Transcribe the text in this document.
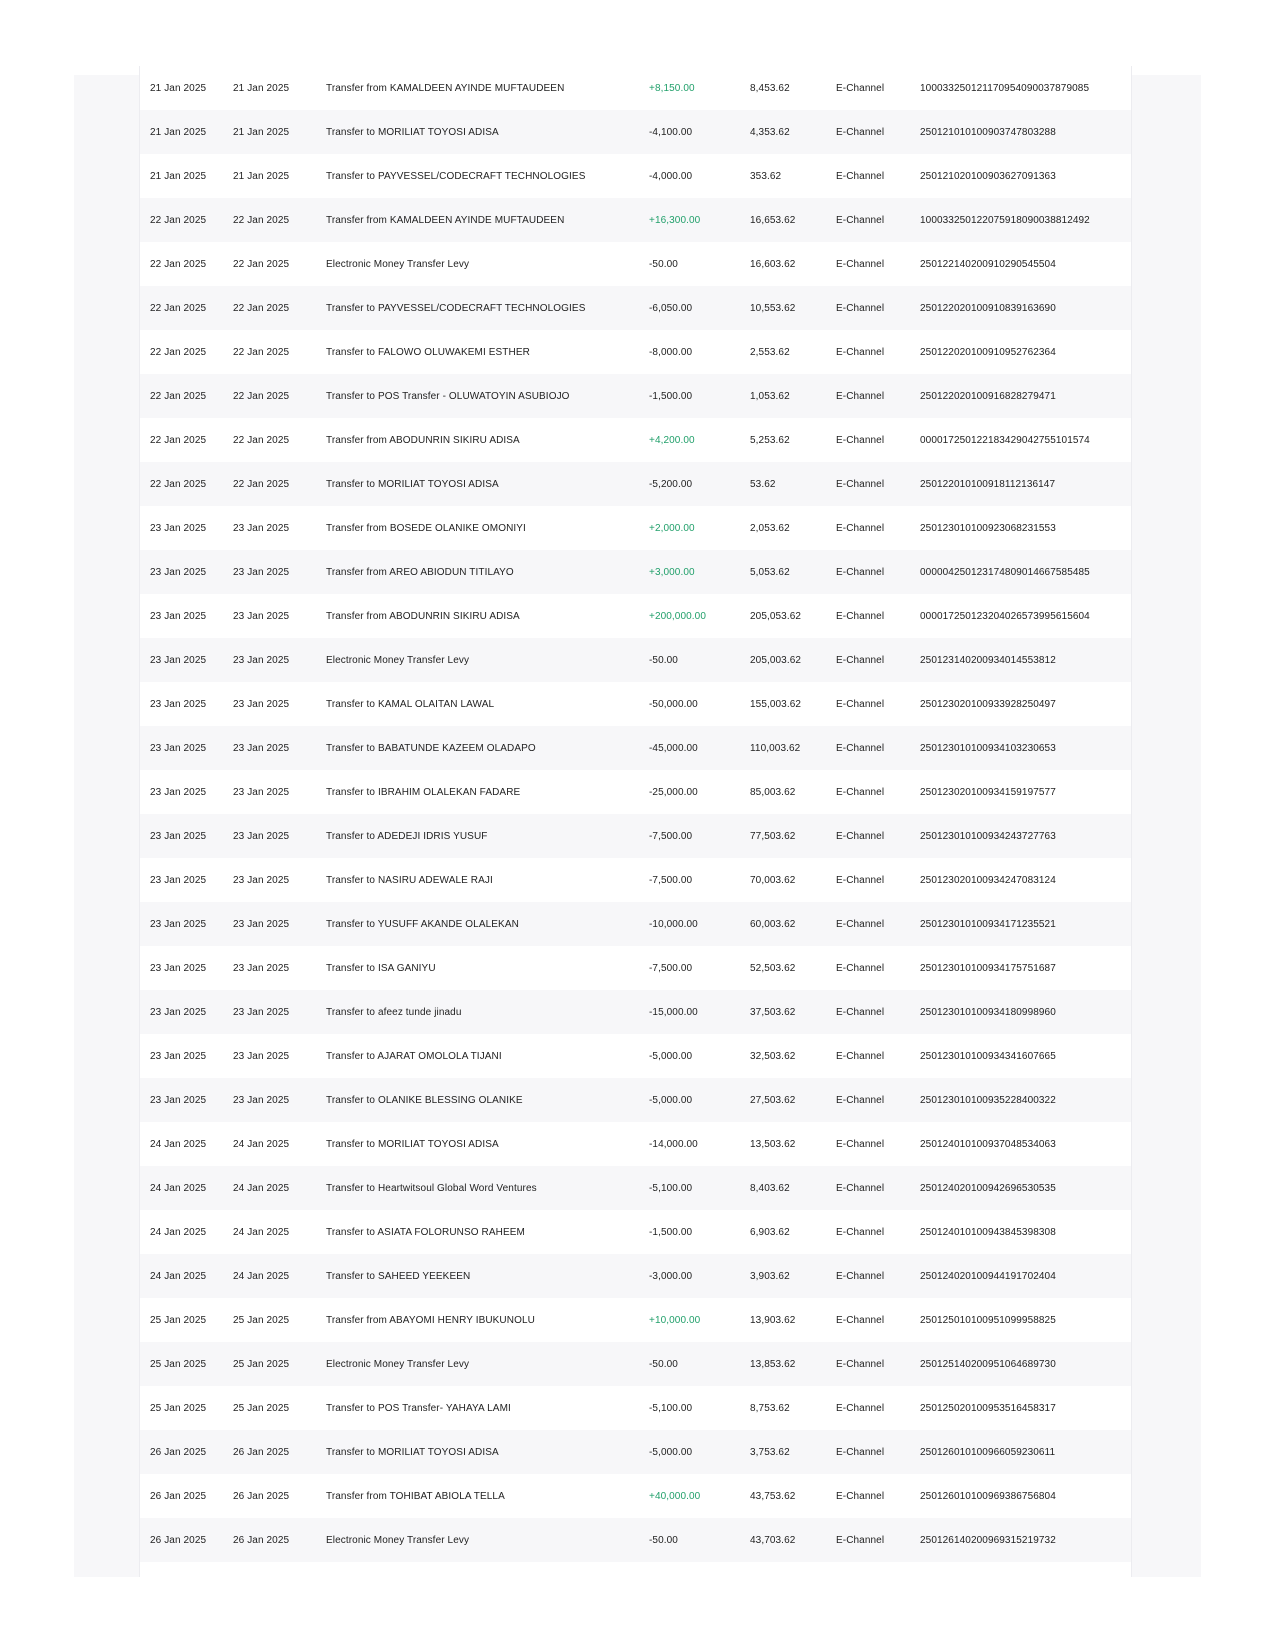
21 Jan 2025	21 Jan 2025	Transfer from KAMALDEEN AYINDE MUFTAUDEEN	+8,150.00	8,453.62	E-Channel	100033250121170954090037879085
21 Jan 2025	21 Jan 2025	Transfer to MORILIAT TOYOSI ADISA	-4,100.00	4,353.62	E-Channel	250121010100903747803288
21 Jan 2025	21 Jan 2025	Transfer to PAYVESSEL/CODECRAFT TECHNOLOGIES	-4,000.00	353.62	E-Channel	250121020100903627091363
22 Jan 2025	22 Jan 2025	Transfer from KAMALDEEN AYINDE MUFTAUDEEN	+16,300.00	16,653.62	E-Channel	100033250122075918090038812492
22 Jan 2025	22 Jan 2025	Electronic Money Transfer Levy	-50.00	16,603.62	E-Channel	250122140200910290545504
22 Jan 2025	22 Jan 2025	Transfer to PAYVESSEL/CODECRAFT TECHNOLOGIES	-6,050.00	10,553.62	E-Channel	250122020100910839163690
22 Jan 2025	22 Jan 2025	Transfer to FALOWO OLUWAKEMI ESTHER	-8,000.00	2,553.62	E-Channel	250122020100910952762364
22 Jan 2025	22 Jan 2025	Transfer to POS Transfer - OLUWATOYIN ASUBIOJO	-1,500.00	1,053.62	E-Channel	250122020100916828279471
22 Jan 2025	22 Jan 2025	Transfer from ABODUNRIN SIKIRU ADISA	+4,200.00	5,253.62	E-Channel	000017250122183429042755101574
22 Jan 2025	22 Jan 2025	Transfer to MORILIAT TOYOSI ADISA	-5,200.00	53.62	E-Channel	250122010100918112136147
23 Jan 2025	23 Jan 2025	Transfer from BOSEDE OLANIKE OMONIYI	+2,000.00	2,053.62	E-Channel	250123010100923068231553
23 Jan 2025	23 Jan 2025	Transfer from AREO ABIODUN TITILAYO	+3,000.00	5,053.62	E-Channel	000004250123174809014667585485
23 Jan 2025	23 Jan 2025	Transfer from ABODUNRIN SIKIRU ADISA	+200,000.00	205,053.62	E-Channel	000017250123204026573995615604
23 Jan 2025	23 Jan 2025	Electronic Money Transfer Levy	-50.00	205,003.62	E-Channel	250123140200934014553812
23 Jan 2025	23 Jan 2025	Transfer to KAMAL OLAITAN LAWAL	-50,000.00	155,003.62	E-Channel	250123020100933928250497
23 Jan 2025	23 Jan 2025	Transfer to BABATUNDE KAZEEM OLADAPO	-45,000.00	110,003.62	E-Channel	250123010100934103230653
23 Jan 2025	23 Jan 2025	Transfer to IBRAHIM OLALEKAN FADARE	-25,000.00	85,003.62	E-Channel	250123020100934159197577
23 Jan 2025	23 Jan 2025	Transfer to ADEDEJI IDRIS YUSUF	-7,500.00	77,503.62	E-Channel	250123010100934243727763
23 Jan 2025	23 Jan 2025	Transfer to NASIRU ADEWALE RAJI	-7,500.00	70,003.62	E-Channel	250123020100934247083124
23 Jan 2025	23 Jan 2025	Transfer to YUSUFF AKANDE OLALEKAN	-10,000.00	60,003.62	E-Channel	250123010100934171235521
23 Jan 2025	23 Jan 2025	Transfer to ISA GANIYU	-7,500.00	52,503.62	E-Channel	250123010100934175751687
23 Jan 2025	23 Jan 2025	Transfer to afeez tunde jinadu	-15,000.00	37,503.62	E-Channel	250123010100934180998960
23 Jan 2025	23 Jan 2025	Transfer to AJARAT OMOLOLA TIJANI	-5,000.00	32,503.62	E-Channel	250123010100934341607665
23 Jan 2025	23 Jan 2025	Transfer to OLANIKE BLESSING OLANIKE	-5,000.00	27,503.62	E-Channel	250123010100935228400322
24 Jan 2025	24 Jan 2025	Transfer to MORILIAT TOYOSI ADISA	-14,000.00	13,503.62	E-Channel	250124010100937048534063
24 Jan 2025	24 Jan 2025	Transfer to Heartwitsoul Global Word Ventures	-5,100.00	8,403.62	E-Channel	250124020100942696530535
24 Jan 2025	24 Jan 2025	Transfer to ASIATA FOLORUNSO RAHEEM	-1,500.00	6,903.62	E-Channel	250124010100943845398308
24 Jan 2025	24 Jan 2025	Transfer to SAHEED YEEKEEN	-3,000.00	3,903.62	E-Channel	250124020100944191702404
25 Jan 2025	25 Jan 2025	Transfer from ABAYOMI HENRY IBUKUNOLU	+10,000.00	13,903.62	E-Channel	250125010100951099958825
25 Jan 2025	25 Jan 2025	Electronic Money Transfer Levy	-50.00	13,853.62	E-Channel	250125140200951064689730
25 Jan 2025	25 Jan 2025	Transfer to POS Transfer- YAHAYA LAMI	-5,100.00	8,753.62	E-Channel	250125020100953516458317
26 Jan 2025	26 Jan 2025	Transfer to MORILIAT TOYOSI ADISA	-5,000.00	3,753.62	E-Channel	250126010100966059230611
26 Jan 2025	26 Jan 2025	Transfer from TOHIBAT ABIOLA TELLA	+40,000.00	43,753.62	E-Channel	250126010100969386756804
26 Jan 2025	26 Jan 2025	Electronic Money Transfer Levy	-50.00	43,703.62	E-Channel	250126140200969315219732
